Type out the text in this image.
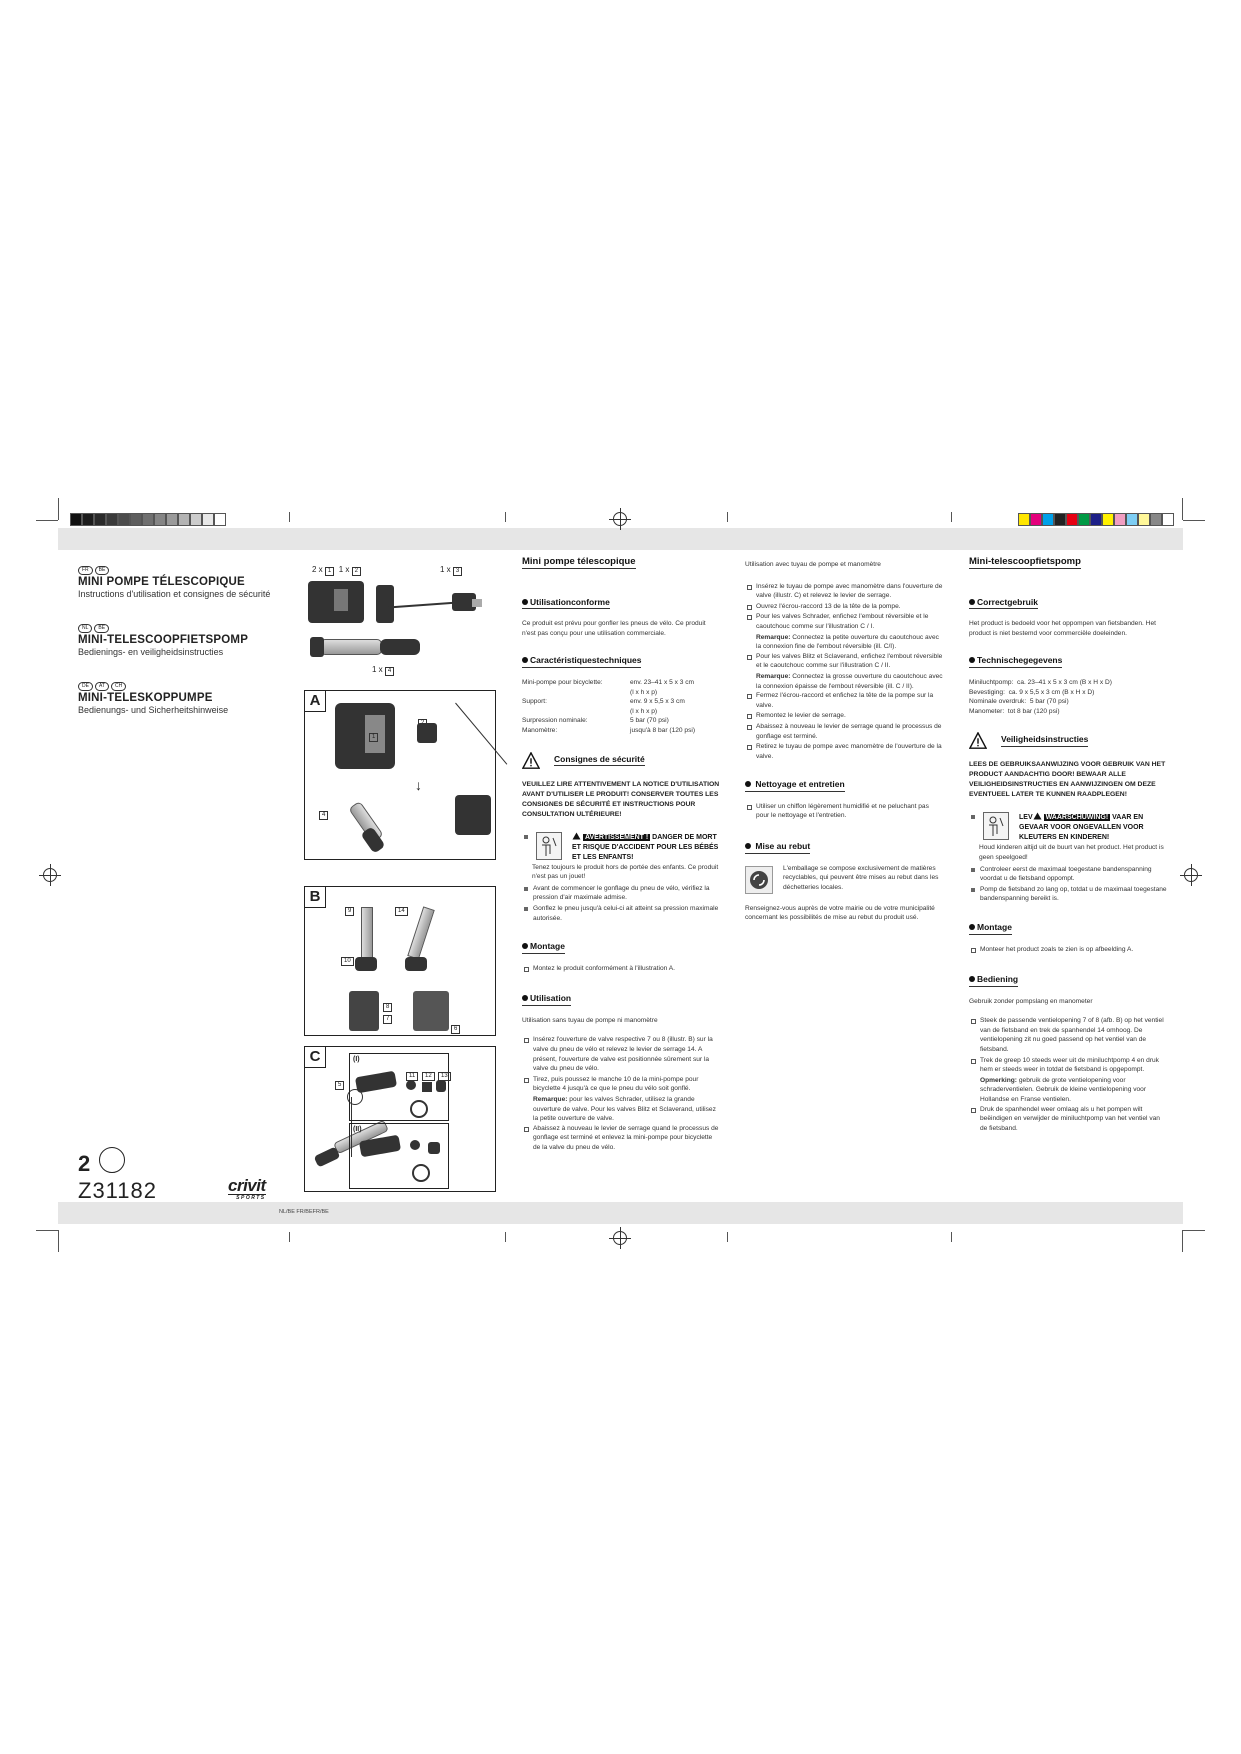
FR BE
MINI POMPE TÉLESCOPIQUE
Instructions d'utilisation et consignes de sécurité
NL BE
MINI-TELESCOOPFIETSPOMP
Bedienings- en veiligheidsinstructies
DE AT CH
MINI-TELESKOPPUMPE
Bedienungs- und Sicherheitshinweise
2
Z31182	crivit
SPORTS
NL/BE FR/BEFR/BE
2 x 1 1 x 2	1 x 3
1 x 4
A
1
↓
4
B
9	14
10
8
7
6
C
5
(I)
11	12	13
(II)
Mini pompe télescopique
Utilisationconforme

Ce produit est prévu pour gonfler les pneus de vélo. Ce produit n'est pas conçu pour une utilisation commerciale.

Caractéristiquestechniques
Mini-pompe pour bicyclette:	env. 23–41 x 5 x 3 cm
(l x h x p)
Support:	env. 9 x 5,5 x 3 cm
(l x h x p)
Surpression nominale:	5 bar (70 psi)
Manomètre:	jusqu'à 8 bar (120 psi)
Consignes de sécurité

VEUILLEZ LIRE ATTENTIVEMENT LA NOTICE D'UTILISATION AVANT D'UTILISER LE PRODUIT! CONSERVER TOUTES LES CONSIGNES DE SÉCURITÉ ET INSTRUCTIONS POUR CONSULTATION ULTÉRIEURE!

AVERTISSEMENT ! DANGER DE MORT ET RISQUE D'ACCIDENT POUR LES BÉBÉS ET LES ENFANTS!
Tenez toujours le produit hors de portée des enfants. Ce produit n'est pas un jouet!
Avant de commencer le gonflage du pneu de vélo, vérifiez la pression d'air maximale admise.
Gonflez le pneu jusqu'à celui-ci ait atteint sa pression maximale autorisée.
Montage
Montez le produit conformément à l'illustration A.
Utilisation

Utilisation sans tuyau de pompe ni manomètre

Insérez l'ouverture de valve respective 7 ou 8 (illustr. B) sur la valve du pneu de vélo et relevez le levier de serrage 14. A présent, l'ouverture de valve est positionnée sûrement sur la valve du pneu de vélo.
Tirez, puis poussez le manche 10 de la mini-pompe pour bicyclette 4 jusqu'à ce que le pneu du vélo soit gonflé.
Remarque: pour les valves Schrader, utilisez la grande ouverture de valve. Pour les valves Blitz et Sclaverand, utilisez la petite ouverture de valve.
Abaissez à nouveau le levier de serrage quand le processus de gonflage est terminé et enlevez la mini-pompe pour bicyclette de la valve du pneu de vélo.

Utilisation avec tuyau de pompe et manomètre

Insérez le tuyau de pompe avec manomètre dans l'ouverture de valve (illustr. C) et relevez le levier de serrage.
Ouvrez l'écrou-raccord 13 de la tête de la pompe.
Pour les valves Schrader, enfichez l'embout réversible et le caoutchouc comme sur l'illustration C / I.
Remarque: Connectez la petite ouverture du caoutchouc avec la connexion fine de l'embout réversible (ill. C/I).
Pour les valves Blitz et Sclaverand, enfichez l'embout réversible et le caoutchouc comme sur l'illustration C / II.
Remarque: Connectez la grosse ouverture du caoutchouc avec la connexion épaisse de l'embout réversible (ill. C / II).
Fermez l'écrou-raccord et enfichez la tête de la pompe sur la valve.
Remontez le levier de serrage.
Abaissez à nouveau le levier de serrage quand le processus de gonflage est terminé.
Retirez le tuyau de pompe avec manomètre de l'ouverture de la valve.
Nettoyage et entretien
Utiliser un chiffon légèrement humidifié et ne peluchant pas pour le nettoyage et l'entretien.
Mise au rebut
L'emballage se compose exclusivement de matières recyclables, qui peuvent être mises au rebut dans les déchetteries locales.

Renseignez-vous auprès de votre mairie ou de votre municipalité concernant les possibilités de mise au rebut du produit usé.

Mini-telescoopfietspomp
Correctgebruik

Het product is bedoeld voor het oppompen van fietsbanden. Het product is niet bestemd voor commerciële doeleinden.

Technischegegevens
Miniluchtpomp: ca. 23–41 x 5 x 3 cm (B x H x D)
Bevestiging: ca. 9 x 5,5 x 3 cm (B x H x D)
Nominale overdruk: 5 bar (70 psi)
Manometer: tot 8 bar (120 psi)
Veiligheidsinstructies

LEES DE GEBRUIKSAANWIJZING VOOR GEBRUIK VAN HET PRODUCT AANDACHTIG DOOR! BEWAAR ALLE VEILIGHEIDSINSTRUCTIES EN AANWIJZINGEN OM DEZE EVENTUEEL LATER TE KUNNEN RAADPLEGEN!

LEV WAARSCHUWING! VAAR EN GEVAAR VOOR ONGEVALLEN VOOR KLEUTERS EN KINDEREN!
Houd kinderen altijd uit de buurt van het product. Het product is geen speelgoed!
Controleer eerst de maximaal toegestane bandenspanning voordat u de fietsband oppompt.
Pomp de fietsband zo lang op, totdat u de maximaal toegestane bandenspanning bereikt is.
Montage
Monteer het product zoals te zien is op afbeelding A.
Bediening

Gebruik zonder pompslang en manometer

Steek de passende ventielopening 7 of 8 (afb. B) op het ventiel van de fietsband en trek de spanhendel 14 omhoog. De ventielopening zit nu goed passend op het ventiel van de fietsband.
Trek de greep 10 steeds weer uit de miniluchtpomp 4 en druk hem er steeds weer in totdat de fietsband is opgepompt.
Opmerking: gebruik de grote ventielopening voor schraderventielen. Gebruik de kleine ventielopening voor Hollandse en Franse ventielen.
Druk de spanhendel weer omlaag als u het pompen wilt beëindigen en verwijder de miniluchtpomp van het ventiel van de fietsband.
